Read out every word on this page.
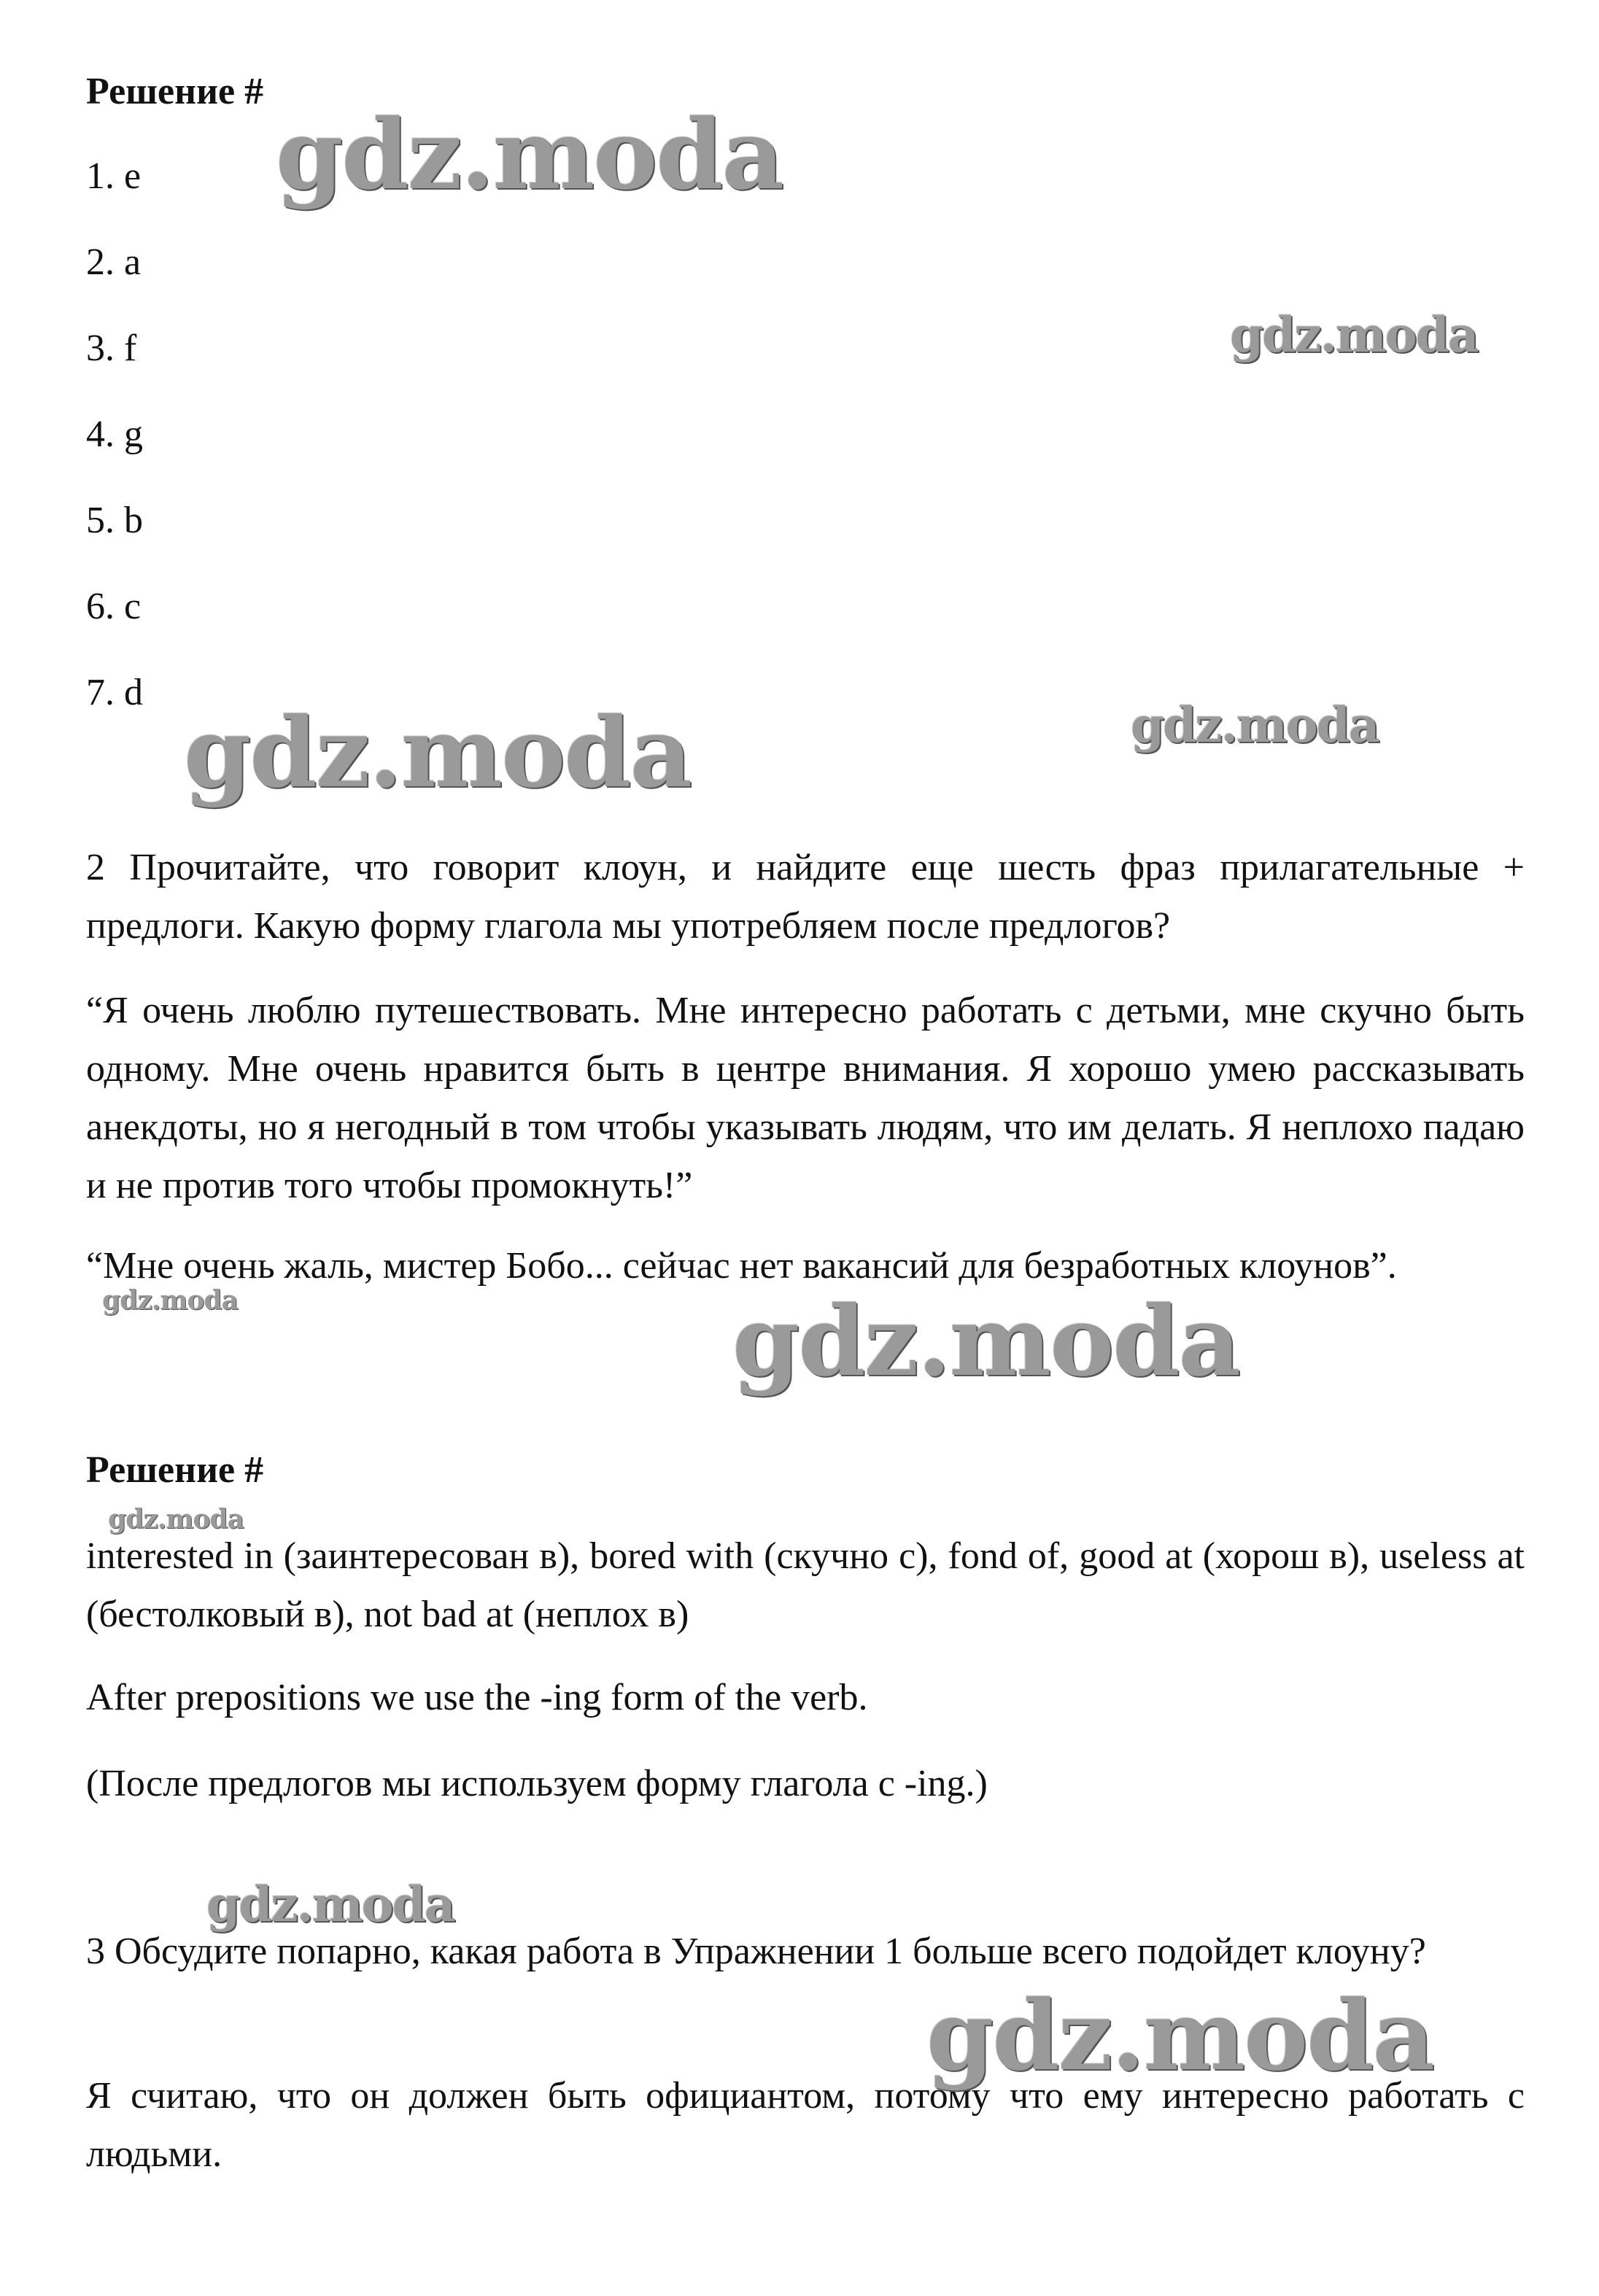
Решение #
1. e
2. a
3. f
4. g
5. b
6. c
7. d
2 Прочитайте, что говорит клоун, и найдите еще шесть фраз прилагательные + предлоги. Какую форму глагола мы употребляем после предлогов?
“Я очень люблю путешествовать. Мне интересно работать с детьми, мне скучно быть одному. Мне очень нравится быть в центре внимания. Я хорошо умею рассказывать анекдоты, но я негодный в том чтобы указывать людям, что им делать. Я неплохо падаю и не против того чтобы промокнуть!”
“Мне очень жаль, мистер Бобо... сейчас нет вакансий для безработных клоунов”.
Решение #
interested in (заинтересован в), bored with (скучно с), fond of, good at (хорош в), useless at (бестолковый в), not bad at (неплох в)
After prepositions we use the -ing form of the verb.
(После предлогов мы используем форму глагола с -ing.)
3 Обсудите попарно, какая работа в Упражнении 1 больше всего подойдет клоуну?
Я считаю, что он должен быть официантом, потому что ему интересно работать с людьми.
gdz.moda
gdz.moda
gdz.moda	gdz.moda
gdz.moda	gdz.moda
gdz.moda
gdz.moda
gdz.moda
